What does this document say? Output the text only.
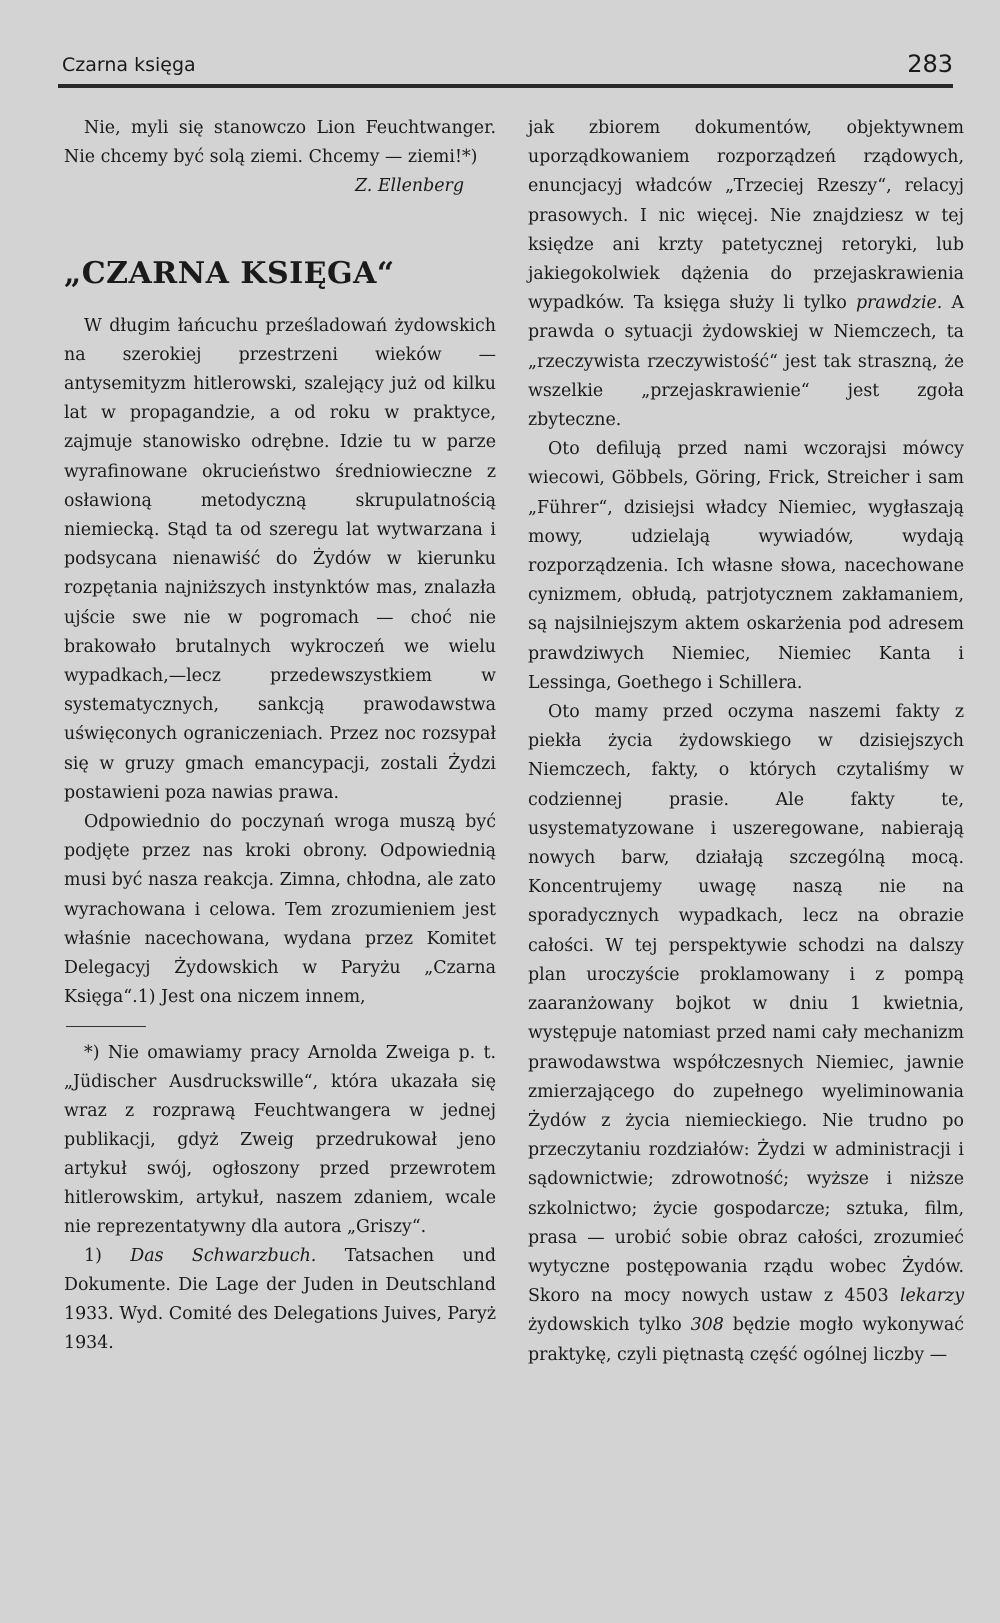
Czarna księga	283

Nie, myli się stanowczo Lion Feuchtwanger. Nie chcemy być solą ziemi. Chcemy — ziemi!*)

Z. Ellenberg
„CZARNA KSIĘGA“

W długim łańcuchu prześladowań żydowskich na szerokiej przestrzeni wieków — antysemityzm hitlerowski, szalejący już od kilku lat w propagandzie, a od roku w praktyce, zajmuje stanowisko odrębne. Idzie tu w parze wyrafinowane okrucieństwo średniowieczne z osławioną metodyczną skrupulatnością niemiecką. Stąd ta od szeregu lat wytwarzana i podsycana nienawiść do Żydów w kierunku rozpętania najniższych instynktów mas, znalazła ujście swe nie w pogromach — choć nie brakowało brutalnych wykroczeń we wielu wypadkach,—lecz przedewszystkiem w systematycznych, sankcją prawodawstwa uświęconych ograniczeniach. Przez noc rozsypał się w gruzy gmach emancypacji, zostali Żydzi postawieni poza nawias prawa.

Odpowiednio do poczynań wroga muszą być podjęte przez nas kroki obrony. Odpowiednią musi być nasza reakcja. Zimna, chłodna, ale zato wyrachowana i celowa. Tem zrozumieniem jest właśnie nacechowana, wydana przez Komitet Delegacyj Żydowskich w Paryżu „Czarna Księga“.1) Jest ona niczem innem,

*) Nie omawiamy pracy Arnolda Zweiga p. t. „Jüdischer Ausdruckswille“, która ukazała się wraz z rozprawą Feuchtwangera w jednej publikacji, gdyż Zweig przedrukował jeno artykuł swój, ogłoszony przed przewrotem hitlerowskim, artykuł, naszem zdaniem, wcale nie reprezentatywny dla autora „Griszy“.

1) Das Schwarzbuch. Tatsachen und Dokumente. Die Lage der Juden in Deutschland 1933. Wyd. Comité des Delegations Juives, Paryż 1934.

jak zbiorem dokumentów, objektywnem uporządkowaniem rozporządzeń rządowych, enuncjacyj władców „Trzeciej Rzeszy“, relacyj prasowych. I nic więcej. Nie znajdziesz w tej księdze ani krzty patetycznej retoryki, lub jakiegokolwiek dążenia do przejaskrawienia wypadków. Ta księga służy li tylko prawdzie. A prawda o sytuacji żydowskiej w Niemczech, ta „rzeczywista rzeczywistość“ jest tak straszną, że wszelkie „przejaskrawienie“ jest zgoła zbyteczne.

Oto defilują przed nami wczorajsi mówcy wiecowi, Göbbels, Göring, Frick, Streicher i sam „Führer“, dzisiejsi władcy Niemiec, wygłaszają mowy, udzielają wywiadów, wydają rozporządzenia. Ich własne słowa, nacechowane cynizmem, obłudą, patrjotycznem zakłamaniem, są najsilniejszym aktem oskarżenia pod adresem prawdziwych Niemiec, Niemiec Kanta i Lessinga, Goethego i Schillera.

Oto mamy przed oczyma naszemi fakty z piekła życia żydowskiego w dzisiejszych Niemczech, fakty, o których czytaliśmy w codziennej prasie. Ale fakty te, usystematyzowane i uszeregowane, nabierają nowych barw, działają szczególną mocą. Koncentrujemy uwagę naszą nie na sporadycznych wypadkach, lecz na obrazie całości. W tej perspektywie schodzi na dalszy plan uroczyście proklamowany i z pompą zaaranżowany bojkot w dniu 1 kwietnia, występuje natomiast przed nami cały mechanizm prawodawstwa współczesnych Niemiec, jawnie zmierzającego do zupełnego wyeliminowania Żydów z życia niemieckiego. Nie trudno po przeczytaniu rozdziałów: Żydzi w administracji i sądownictwie; zdrowotność; wyższe i niższe szkolnictwo; życie gospodarcze; sztuka, film, prasa — urobić sobie obraz całości, zrozumieć wytyczne postępowania rządu wobec Żydów. Skoro na mocy nowych ustaw z 4503 lekarzy żydowskich tylko 308 będzie mogło wykonywać praktykę, czyli piętnastą część ogólnej liczby —
